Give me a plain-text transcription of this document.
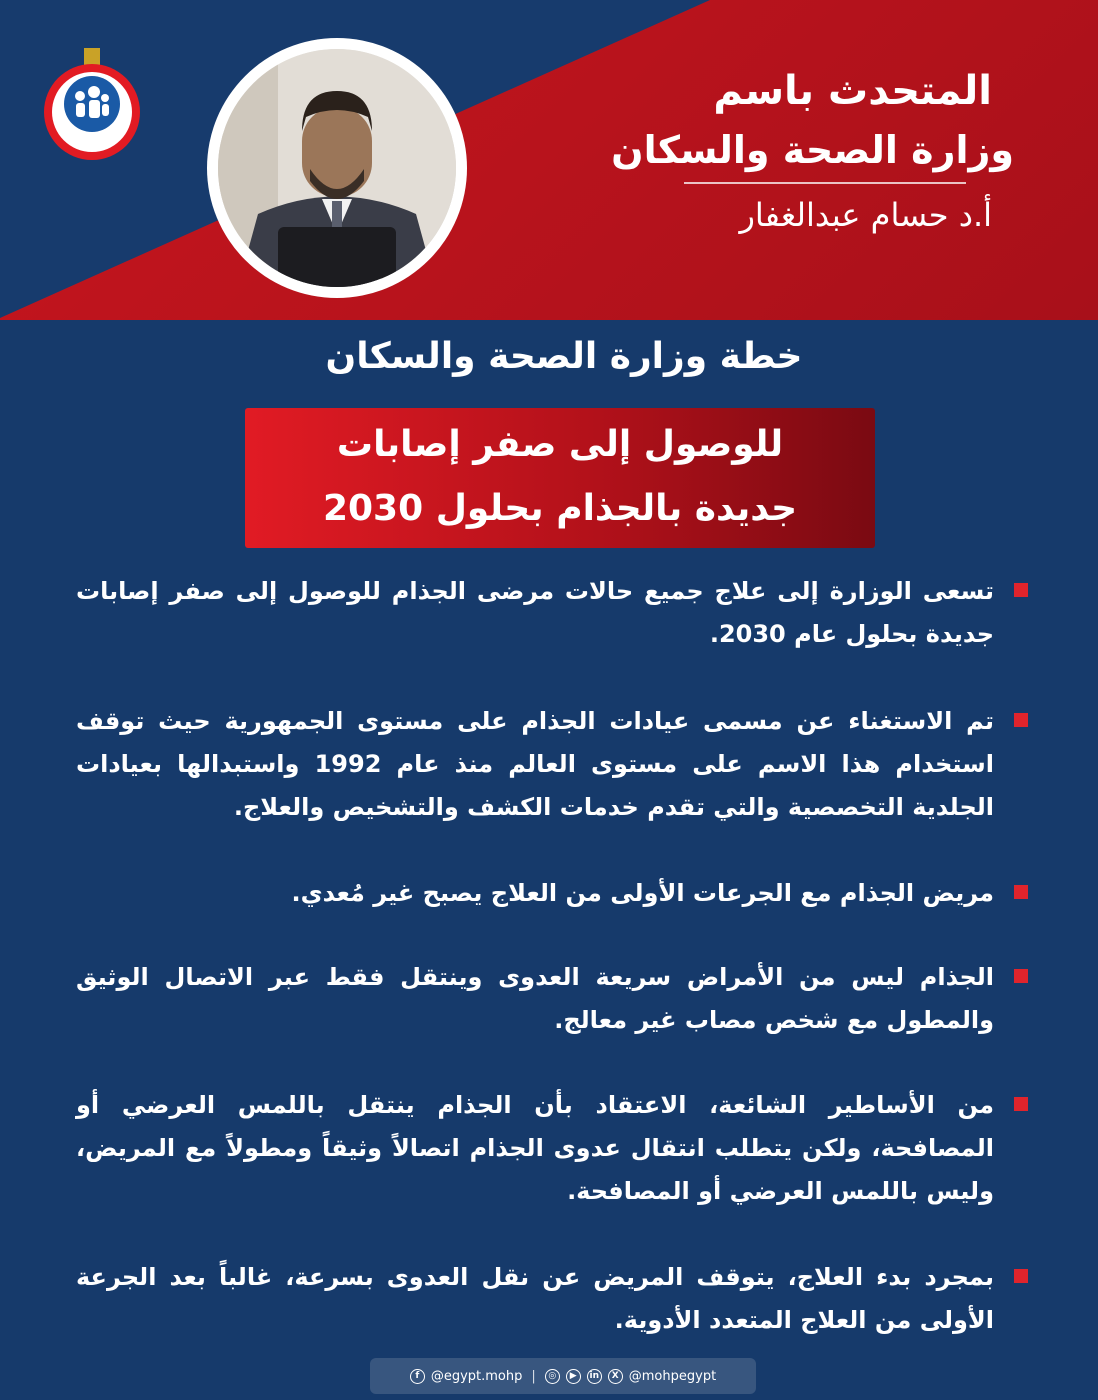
المتحدث باسم
وزارة الصحة والسكان
أ.د حسام عبدالغفار
خطة وزارة الصحة والسكان
للوصول إلى صفر إصابات
جديدة بالجذام بحلول 2030
تسعى الوزارة إلى علاج جميع حالات مرضى الجذام للوصول إلى صفر إصابات جديدة بحلول عام 2030.
تم الاستغناء عن مسمى عيادات الجذام على مستوى الجمهورية حيث توقف استخدام هذا الاسم على مستوى العالم منذ عام 1992 واستبدالها بعيادات الجلدية التخصصية والتي تقدم خدمات الكشف والتشخيص والعلاج.
مريض الجذام مع الجرعات الأولى من العلاج يصبح غير مُعدي.
الجذام ليس من الأمراض سريعة العدوى وينتقل فقط عبر الاتصال الوثيق والمطول مع شخص مصاب غير معالج.
من الأساطير الشائعة، الاعتقاد بأن الجذام ينتقل باللمس العرضي أو المصافحة، ولكن يتطلب انتقال عدوى الجذام اتصالاً وثيقاً ومطولاً مع المريض، وليس باللمس العرضي أو المصافحة.
بمجرد بدء العلاج، يتوقف المريض عن نقل العدوى بسرعة، غالباً بعد الجرعة الأولى من العلاج المتعدد الأدوية.
f @egypt.mohp |	◎	▶	in	X @mohpegypt
